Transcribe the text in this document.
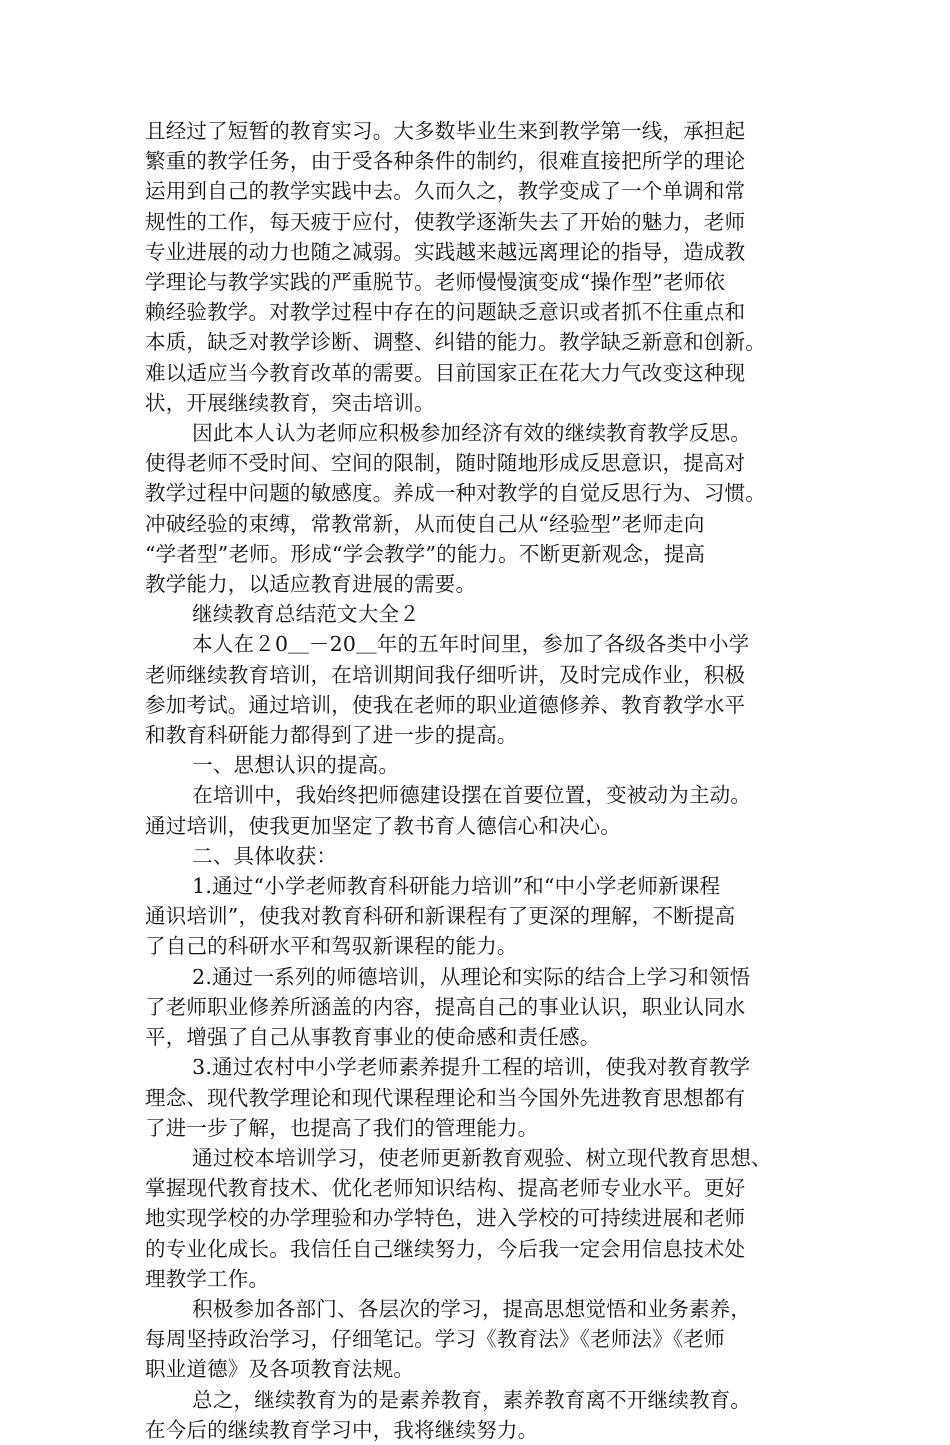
且经过了短暂的教育实习。大多数毕业生来到教学第一线，承担起
繁重的教学任务，由于受各种条件的制约，很难直接把所学的理论
运用到自己的教学实践中去。久而久之，教学变成了一个单调和常
规性的工作，每天疲于应付，使教学逐渐失去了开始的魅力，老师
专业进展的动力也随之减弱。实践越来越远离理论的指导，造成教
学理论与教学实践的严重脱节。老师慢慢演变成“操作型”老师依
赖经验教学。对教学过程中存在的问题缺乏意识或者抓不住重点和
本质，缺乏对教学诊断、调整、纠错的能力。教学缺乏新意和创新。
难以适应当今教育改革的需要。目前国家正在花大力气改变这种现
状，开展继续教育，突击培训。
因此本人认为老师应积极参加经济有效的继续教育教学反思。
使得老师不受时间、空间的限制，随时随地形成反思意识，提高对
教学过程中问题的敏感度。养成一种对教学的自觉反思行为、习惯。
冲破经验的束缚，常教常新，从而使自己从“经验型”老师走向
“学者型”老师。形成“学会教学”的能力。不断更新观念，提高
教学能力，以适应教育进展的需要。
继续教育总结范文大全２
本人在２0＿－20＿年的五年时间里，参加了各级各类中小学
老师继续教育培训，在培训期间我仔细听讲，及时完成作业，积极
参加考试。通过培训，使我在老师的职业道德修养、教育教学水平
和教育科研能力都得到了进一步的提高。
一、思想认识的提高。
在培训中，我始终把师德建设摆在首要位置，变被动为主动。
通过培训，使我更加坚定了教书育人德信心和决心。
二、具体收获：
1.通过“小学老师教育科研能力培训”和“中小学老师新课程
通识培训”，使我对教育科研和新课程有了更深的理解，不断提高
了自己的科研水平和驾驭新课程的能力。
2.通过一系列的师德培训，从理论和实际的结合上学习和领悟
了老师职业修养所涵盖的内容，提高自己的事业认识，职业认同水
平，增强了自己从事教育事业的使命感和责任感。
3.通过农村中小学老师素养提升工程的培训，使我对教育教学
理念、现代教学理论和现代课程理论和当今国外先进教育思想都有
了进一步了解，也提高了我们的管理能力。
通过校本培训学习，使老师更新教育观验、树立现代教育思想、
掌握现代教育技术、优化老师知识结构、提高老师专业水平。更好
地实现学校的办学理验和办学特色，进入学校的可持续进展和老师
的专业化成长。我信任自己继续努力，今后我一定会用信息技术处
理教学工作。
积极参加各部门、各层次的学习，提高思想觉悟和业务素养，
每周坚持政治学习，仔细笔记。学习《教育法》《老师法》《老师
职业道德》及各项教育法规。
总之，继续教育为的是素养教育，素养教育离不开继续教育。
在今后的继续教育学习中，我将继续努力。
